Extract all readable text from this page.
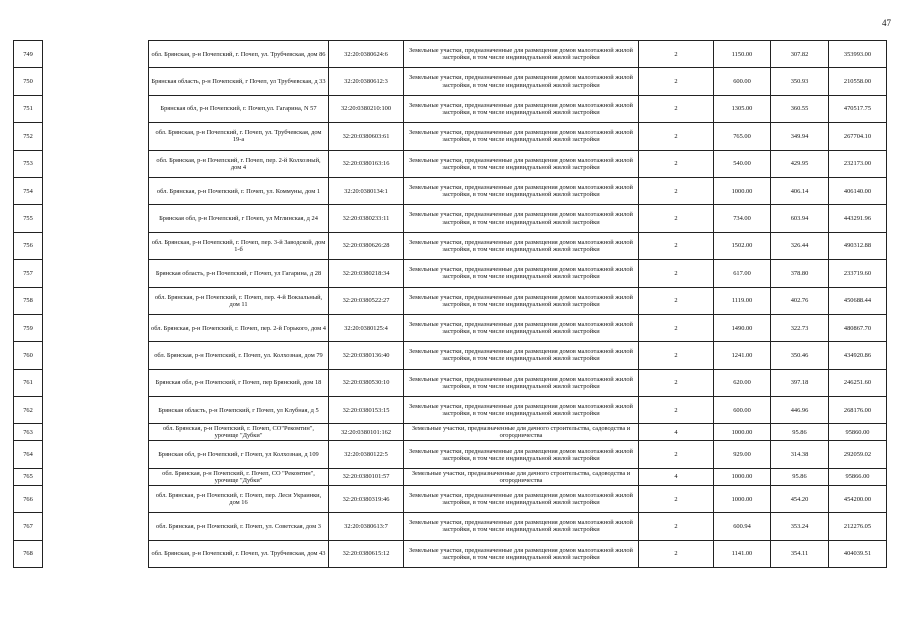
47
749		обл. Брянская, р-н Почепский, г. Почеп, ул. Трубчевская, дом 86	32:20:0380624:6	Земельные участки, предназначенные для размещения домов малоэтажной жилой застройки, в том числе индивидуальной жилой застройки	2	1150.00	307.82	353993.00
750		Брянская область, р-н Почепский, г Почеп, ул Трубчевская, д 33	32:20:0380612:3	Земельные участки, предназначенные для размещения домов малоэтажной жилой застройки, в том числе индивидуальной жилой застройки	2	600.00	350.93	210558.00
751		Брянская обл, р-н Почепский, г. Почеп,ул. Гагарина, N 57	32:20:0380210:100	Земельные участки, предназначенные для размещения домов малоэтажной жилой застройки, в том числе индивидуальной жилой застройки	2	1305.00	360.55	470517.75
752		обл. Брянская, р-н Почепский, г. Почеп, ул. Трубчевская, дом 19-а	32:20:0380603:61	Земельные участки, предназначенные для размещения домов малоэтажной жилой застройки, в том числе индивидуальной жилой застройки	2	765.00	349.94	267704.10
753		обл. Брянская, р-н Почепский, г. Почеп, пер. 2-й Колхозный, дом 4	32:20:0380163:16	Земельные участки, предназначенные для размещения домов малоэтажной жилой застройки, в том числе индивидуальной жилой застройки	2	540.00	429.95	232173.00
754		обл. Брянская, р-н Почепский, г. Почеп, ул. Коммуны, дом 1	32:20:0380134:1	Земельные участки, предназначенные для размещения домов малоэтажной жилой застройки, в том числе индивидуальной жилой застройки	2	1000.00	406.14	406140.00
755		Брянская обл, р-н Почепский, г Почеп, ул Мглинская, д 24	32:20:0380233:11	Земельные участки, предназначенные для размещения домов малоэтажной жилой застройки, в том числе индивидуальной жилой застройки	2	734.00	603.94	443291.96
756		обл. Брянская, р-н Почепский, г. Почеп, пер. 3-й Заводской, дом 1-б	32:20:0380626:28	Земельные участки, предназначенные для размещения домов малоэтажной жилой застройки, в том числе индивидуальной жилой застройки	2	1502.00	326.44	490312.88
757		Брянская область, р-н Почепский, г Почеп, ул Гагарина, д 28	32:20:0380218:34	Земельные участки, предназначенные для размещения домов малоэтажной жилой застройки, в том числе индивидуальной жилой застройки	2	617.00	378.80	233719.60
758		обл. Брянская, р-н Почепский, г. Почеп, пер. 4-й Вокзальный, дом 11	32:20:0380522:27	Земельные участки, предназначенные для размещения домов малоэтажной жилой застройки, в том числе индивидуальной жилой застройки	2	1119.00	402.76	450688.44
759		обл. Брянская, р-н Почепский, г. Почеп, пер. 2-й Горького, дом 4	32:20:0380125:4	Земельные участки, предназначенные для размещения домов малоэтажной жилой застройки, в том числе индивидуальной жилой застройки	2	1490.00	322.73	480867.70
760		обл. Брянская, р-н Почепский, г. Почеп, ул. Колхозная, дом 79	32:20:0380136:40	Земельные участки, предназначенные для размещения домов малоэтажной жилой застройки, в том числе индивидуальной жилой застройки	2	1241.00	350.46	434920.86
761		Брянская обл, р-н Почепский, г Почеп, пер Брянский, дом 18	32:20:0380530:10	Земельные участки, предназначенные для размещения домов малоэтажной жилой застройки, в том числе индивидуальной жилой застройки	2	620.00	397.18	246251.60
762		Брянская область, р-н Почепский, г Почеп, ул Клубная, д 5	32:20:0380153:15	Земельные участки, предназначенные для размещения домов малоэтажной жилой застройки, в том числе индивидуальной жилой застройки	2	600.00	446.96	268176.00
763		обл. Брянская, р-н Почепский, г. Почеп, СО"Рекомтин", урочище "Дубки"	32:20:0380101:162	Земельные участки, предназначенные для дачного строительства, садоводства и огородничества	4	1000.00	95.86	95860.00
764		Брянская обл, р-н Почепский, г Почеп, ул Колхозная, д 109	32:20:0380122:5	Земельные участки, предназначенные для размещения домов малоэтажной жилой застройки, в том числе индивидуальной жилой застройки	2	929.00	314.38	292059.02
765		обл. Брянская, р-н Почепский, г. Почеп, СО "Рекомтин", урочище "Дубки"	32:20:0380101:57	Земельные участки, предназначенные для дачного строительства, садоводства и огородничества	4	1000.00	95.86	95866.00
766		обл. Брянская, р-н Почепский, г. Почеп, пер. Леси Украинки, дом 16	32:20:0380319:46	Земельные участки, предназначенные для размещения домов малоэтажной жилой застройки, в том числе индивидуальной жилой застройки	2	1000.00	454.20	454200.00
767		обл. Брянская, р-н Почепский, г. Почеп, ул. Советская, дом 3	32:20:0380613:7	Земельные участки, предназначенные для размещения домов малоэтажной жилой застройки, в том числе индивидуальной жилой застройки	2	600.94	353.24	212276.05
768		обл. Брянская, р-н Почепский, г. Почеп, ул. Трубчевская, дом 43	32:20:0380615:12	Земельные участки, предназначенные для размещения домов малоэтажной жилой застройки, в том числе индивидуальной жилой застройки	2	1141.00	354.11	404039.51
